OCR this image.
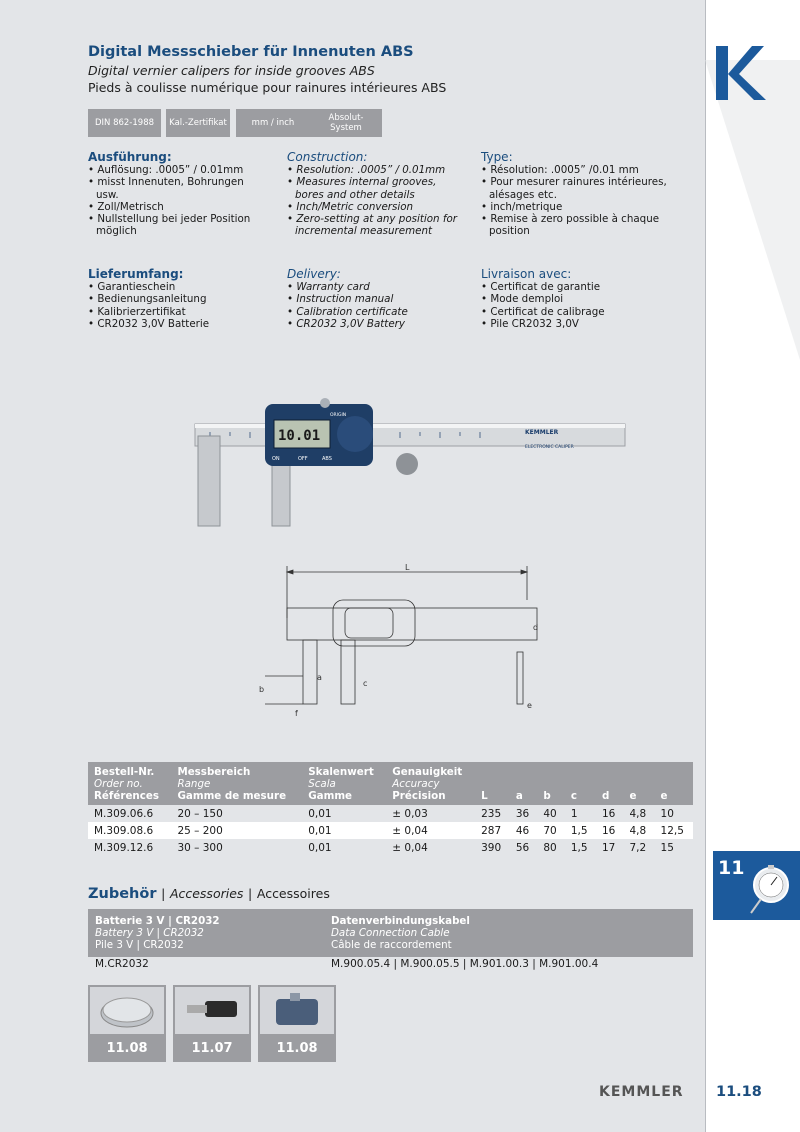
Digital Messschieber für Innenuten ABS
Digital vernier calipers for inside grooves ABS
Pieds à coulisse numérique pour rainures intérieures ABS
DIN 862-1988	Kal.-Zertifikat	mm / inch
Absolut-
System
Ausführung:
• Auflösung: .0005” / 0.01mm
• misst Innenuten, Bohrungen usw.
• Zoll/Metrisch
• Nullstellung bei jeder Position möglich
Construction:
• Resolution: .0005” / 0.01mm
• Measures internal grooves, bores and other details
• Inch/Metric conversion
• Zero-setting at any position for incremental measurement
Type:
• Résolution: .0005” /0.01 mm
• Pour mesurer rainures intérieures, alésages etc.
• inch/metrique
• Remise à zero possible à chaque position
Lieferumfang:
• Garantieschein
• Bedienungsanleitung
• Kalibrierzertifikat
• CR2032 3,0V Batterie
Delivery:
• Warranty card
• Instruction manual
• Calibration certificate
• CR2032 3,0V Battery
Livraison avec:
• Certificat de garantie
• Mode demploi
• Certificat de calibrage
• Pile CR2032 3,0V
10.01
ON	OFF	ABS
ORIGIN
KEMMLER
ELECTRONIC CALIPER
L
b
a
f
c
d
e
Bestell-Nr.	Messbereich	Skalenwert	Genauigkeit							
Order no.	Range	Scala	Accuracy							
Références	Gamme de mesure	Gamme	Précision	L	a	b	c	d	e	e
M.309.06.6	20 – 150	0,01	± 0,03	235	36	40	1	16	4,8	10
M.309.08.6	25 – 200	0,01	± 0,04	287	46	70	1,5	16	4,8	12,5
M.309.12.6	30 – 300	0,01	± 0,04	390	56	80	1,5	17	7,2	15
11
Zubehör | Accessories | Accessoires
Batterie 3 V | CR2032
Battery 3 V | CR2032
Pile 3 V | CR2032
Datenverbindungskabel
Data Connection Cable
Câble de raccordement
M.CR2032	M.900.05.4 | M.900.05.5 | M.901.00.3 | M.901.00.4
11.08	11.07	11.08
KEMMLER 11.18
